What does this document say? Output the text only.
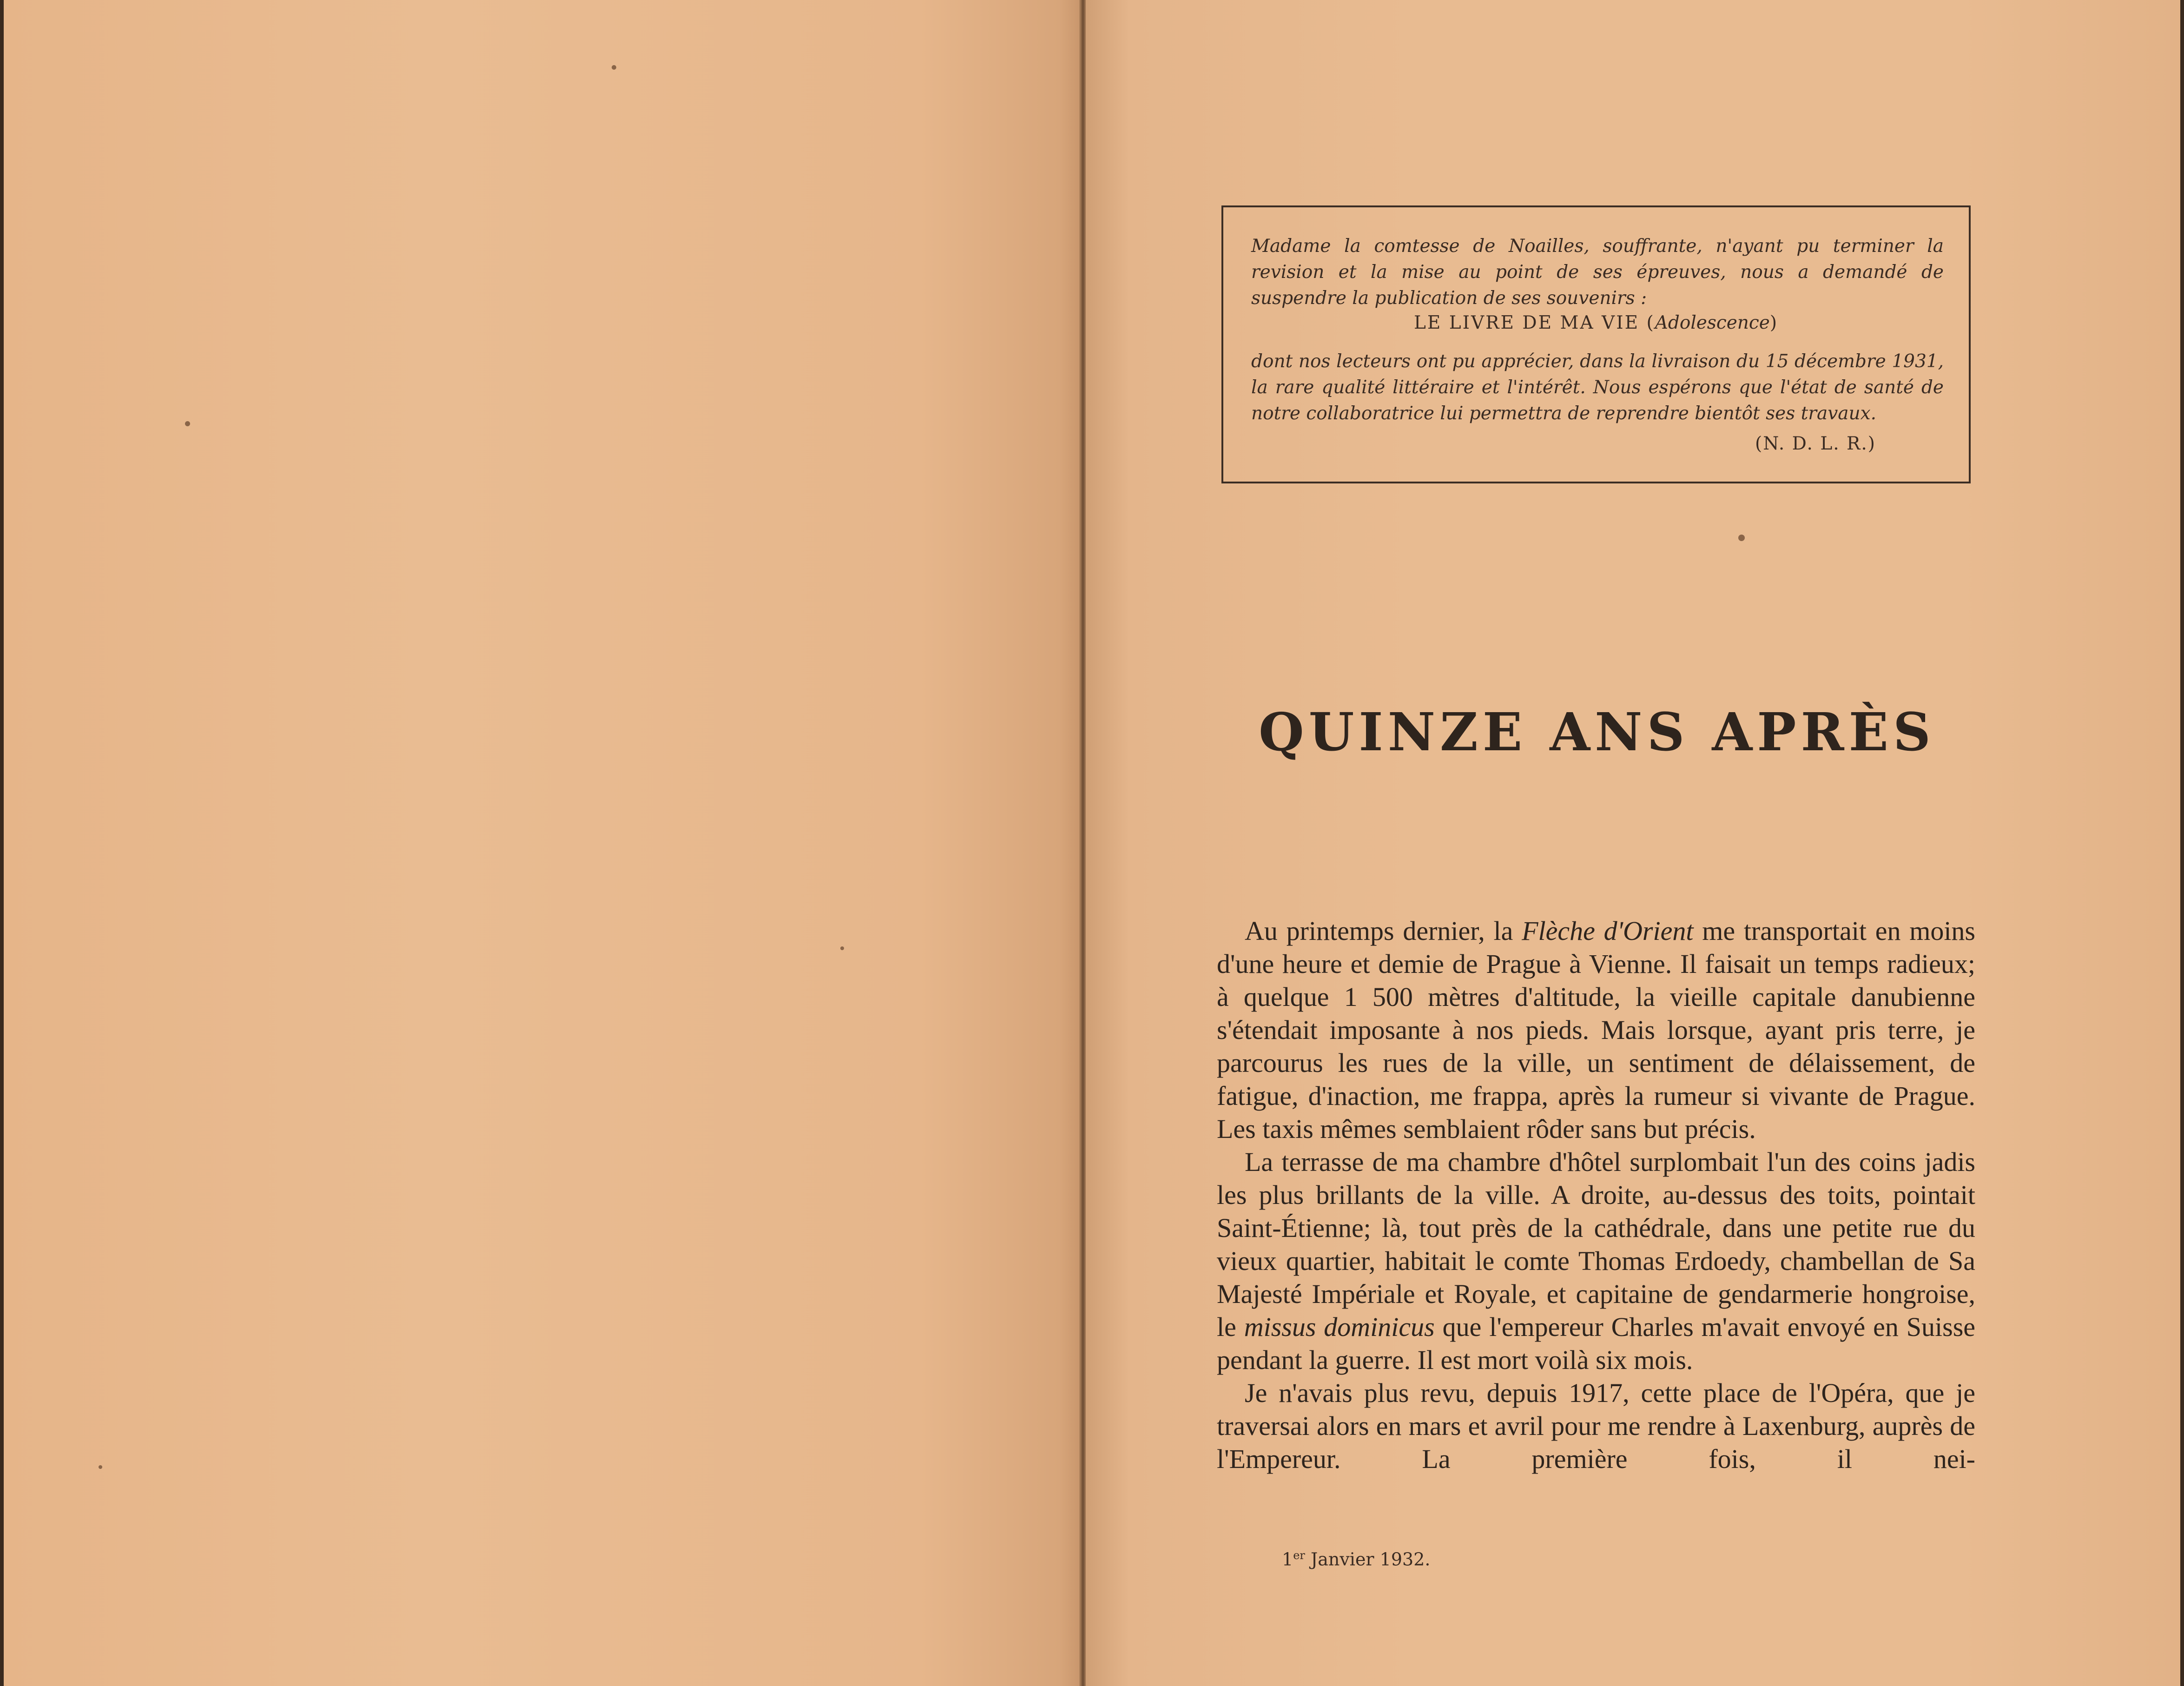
Madame la comtesse de Noailles, souffrante, n'ayant pu terminer la revision et la mise au point de ses épreuves, nous a demandé de suspendre la publication de ses souvenirs :

LE LIVRE DE MA VIE (Adolescence)

dont nos lecteurs ont pu apprécier, dans la livraison du 15 décembre 1931, la rare qualité littéraire et l'intérêt. Nous espérons que l'état de santé de notre collaboratrice lui permettra de reprendre bientôt ses travaux.

(N. D. L. R.)
QUINZE ANS APRÈS

Au printemps dernier, la Flèche d'Orient me transportait en moins d'une heure et demie de Prague à Vienne. Il faisait un temps radieux; à quelque 1 500 mètres d'altitude, la vieille capitale danubienne s'étendait imposante à nos pieds. Mais lorsque, ayant pris terre, je parcourus les rues de la ville, un sentiment de délaissement, de fatigue, d'inaction, me frappa, après la rumeur si vivante de Prague. Les taxis mêmes semblaient rôder sans but précis.

La terrasse de ma chambre d'hôtel surplombait l'un des coins jadis les plus brillants de la ville. A droite, au-dessus des toits, pointait Saint-Étienne; là, tout près de la cathédrale, dans une petite rue du vieux quartier, habitait le comte Thomas Erdoedy, chambellan de Sa Majesté Impériale et Royale, et capitaine de gendarmerie hongroise, le missus dominicus que l'empereur Charles m'avait envoyé en Suisse pendant la guerre. Il est mort voilà six mois.

Je n'avais plus revu, depuis 1917, cette place de l'Opéra, que je traversai alors en mars et avril pour me rendre à Laxenburg, auprès de l'Empereur. La première fois, il nei-

1er Janvier 1932.
